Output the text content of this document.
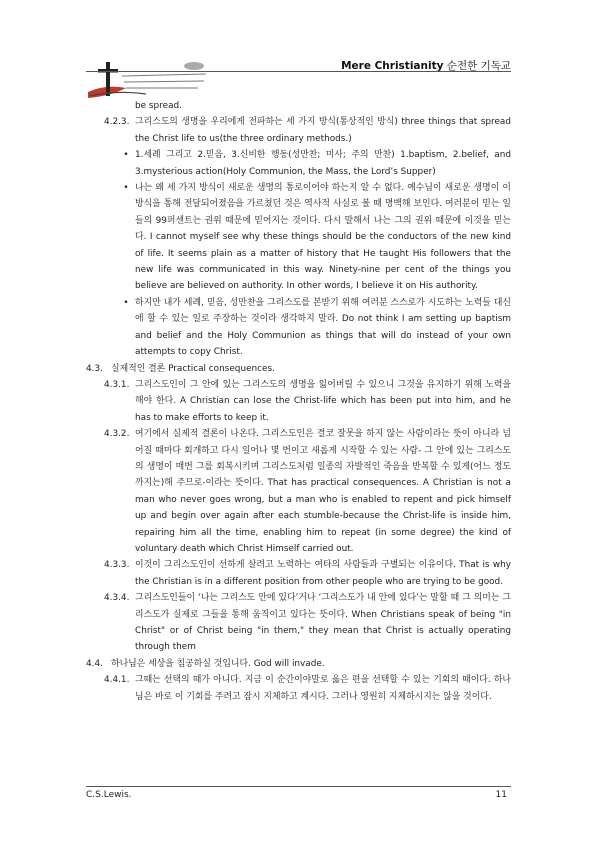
Mere Christianity 순전한 기독교

be spread.

4.2.3. 그리스도의 생명을 우리에게 전파하는 세 가지 방식(통상적인 방식) three things that spread the Christ life to us(the three ordinary methods.)
• 1.세례 그리고 2.믿음, 3.신비한 행동(성만찬; 미사; 주의 만찬) 1.baptism, 2.belief, and 3.mysterious action(Holy Communion, the Mass, the Lord’s Supper)
• 나는 왜 세 가지 방식이 새로운 생명의 통로이어야 하는지 알 수 없다. 예수님이 새로운 생명이 이 방식을 통해 전달되어졌음을 가르쳤던 것은 역사적 사실로 볼 때 명백해 보인다. 여러분이 믿는 일들의 99퍼센트는 권위 때문에 믿어지는 것이다. 다시 말해서 나는 그의 권위 때문에 이것을 믿는다. I cannot myself see why these things should be the conductors of the new kind of life. It seems plain as a matter of history that He taught His followers that the new life was communicated in this way. Ninety-nine per cent of the things you believe are believed on authority. In other words, I believe it on His authority.
• 하지만 내가 세례, 믿음, 성만찬을 그리스도를 본받기 위해 여러분 스스로가 시도하는 노력들 대신에 할 수 있는 일로 주장하는 것이라 생각하지 말라. Do not think I am setting up baptism and belief and the Holy Communion as things that will do instead of your own attempts to copy Christ.
4.3. 실제적인 결론 Practical consequences.
4.3.1. 그리스도인이 그 안에 있는 그리스도의 생명을 잃어버릴 수 있으니 그것을 유지하기 위해 노력을 해야 한다. A Christian can lose the Christ-life which has been put into him, and he has to make efforts to keep it.
4.3.2. 여기에서 실제적 결론이 나온다. 그리스도인은 결코 잘못을 하지 않는 사람이라는 뜻이 아니라 넘어질 때마다 회개하고 다시 일어나 몇 번이고 새롭게 시작할 수 있는 사람- 그 안에 있는 그리스도의 생명이 매번 그를 회복시키며 그리스도처럼 일종의 자발적인 죽음을 반복할 수 있게(어느 정도까지는)해 주므로-이라는 뜻이다. That has practical consequences. A Christian is not a man who never goes wrong, but a man who is enabled to repent and pick himself up and begin over again after each stumble-because the Christ-life is inside him, repairing him all the time, enabling him to repeat (in some degree) the kind of voluntary death which Christ Himself carried out.
4.3.3. 이것이 그리스도인이 선하게 살려고 노력하는 여타의 사람들과 구별되는 이유이다. That is why the Christian is in a different position from other people who are trying to be good.
4.3.4. 그리스도인들이 ‘나는 그리스도 안에 있다’거나 ‘그리스도가 내 안에 있다’는 말할 때 그 의미는 그리스도가 실제로 그들을 통해 움직이고 있다는 뜻이다. When Christians speak of being "in Christ" or of Christ being "in them," they mean that Christ is actually operating through them
4.4. 하나님은 세상을 침공하실 것입니다. God will invade.
4.4.1. 그때는 선택의 때가 아니다. 지금 이 순간이야말로 옳은 편을 선택할 수 있는 기회의 때이다. 하나님은 바로 이 기회를 주려고 잠시 지체하고 계시다. 그러나 영원히 지체하시지는 않을 것이다.
C.S.Lewis.	11
